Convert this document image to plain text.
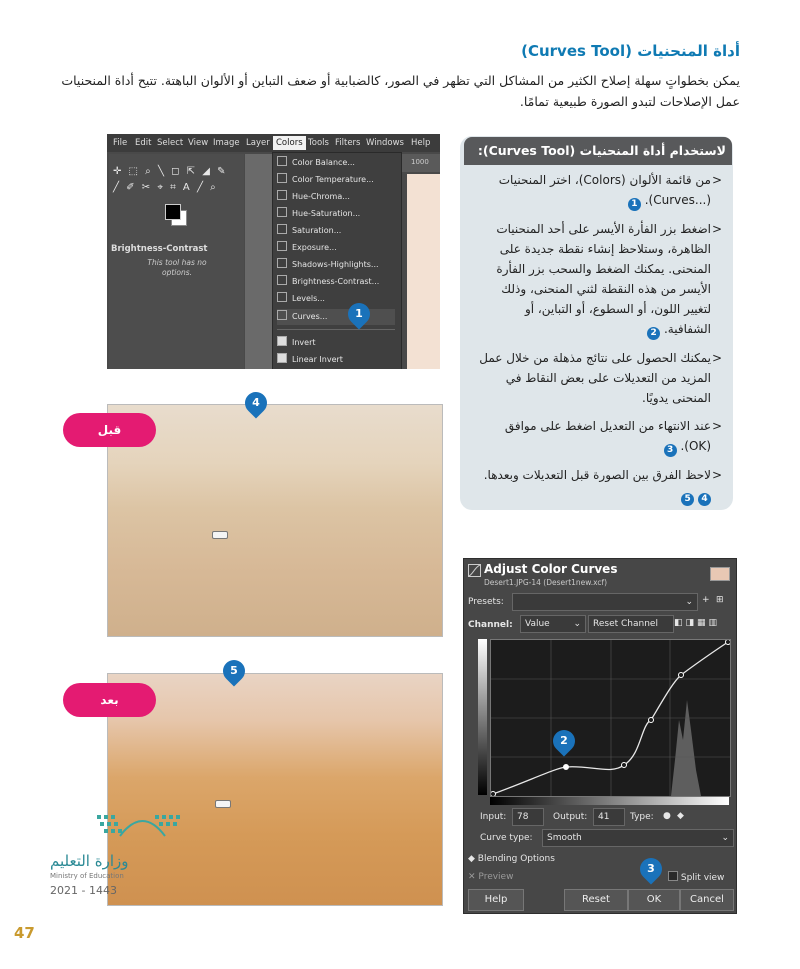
أداة المنحنيات (Curves Tool)
يمكن بخطواتٍ سهلة إصلاح الكثير من المشاكل التي تظهر في الصور، كالضبابية أو ضعف التباين أو الألوان الباهتة. تتيح أداة المنحنيات عمل الإصلاحات لتبدو الصورة طبيعية تمامًا.
File Edit Select View Image Layer Colors Tools Filters Windows Help
✛ ⬚ ⌕ ╲ ◻ ⇱ ◢ ✎
╱ ✐ ✂ ⌖ ⌗ A ╱ ⌕
Brightness-Contrast
This tool has no options.
1000
Color Balance...
Color Temperature...
Hue-Chroma...
Hue-Saturation...
Saturation...
Exposure...
Shadows-Highlights...
Brightness-Contrast...
Levels...
Curves...
Invert
Linear Invert
1
لاستخدام أداة المنحنيات (Curves Tool):
<
من قائمة الألوان (Colors)، اختر المنحنيات (...Curves). 1
<
اضغط بزر الفأرة الأيسر على أحد المنحنيات الظاهرة، وستلاحظ إنشاء نقطة جديدة على المنحنى. يمكنك الضغط والسحب بزر الفأرة الأيسر من هذه النقطة لثني المنحنى، وذلك لتغيير اللون، أو السطوع، أو التباين، أو الشفافية. 2
<
يمكنك الحصول على نتائج مذهلة من خلال عمل المزيد من التعديلات على بعض النقاط في المنحنى يدويًا.
<
عند الانتهاء من التعديل اضغط على موافق (OK). 3
<
لاحظ الفرق بين الصورة قبل التعديلات وبعدها. 4 5
قبل
4
بعد
5
Adjust Color Curves
Desert1.JPG-14 (Desert1new.xcf)
Presets:	⌄ + ⊞
Channel:	Value	⌄	Reset Channel	◧◨▦▥
Input:	78	Output:	41	Type: ● ◆
Curve type:	Smooth	⌄
◆ Blending Options
✕ Preview	Split view
Help	Reset	OK	Cancel
2
3
وزارة التعليم
Ministry of Education
2021 - 1443
47
